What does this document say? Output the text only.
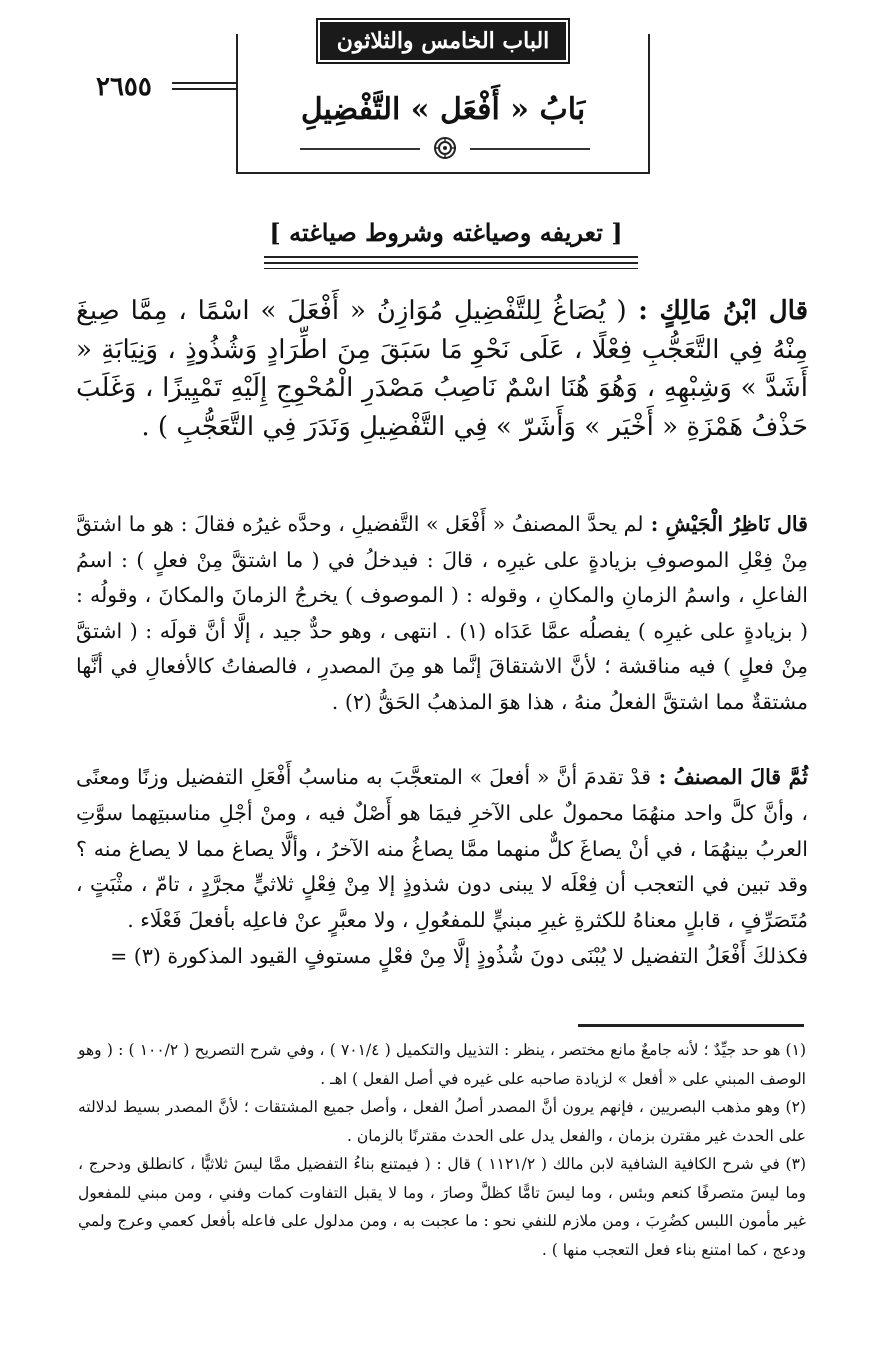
الباب الخامس والثلاثون
٢٦٥٥
بَابُ « أَفْعَل » التَّفْضِيلِ
[ تعريفه وصياغته وشروط صياغته ]
قال ابْنُ مَالِكٍ : ( يُصَاغُ لِلتَّفْضِيلِ مُوَازِنُ « أَفْعَلَ » اسْمًا ، مِمَّا صِيغَ مِنْهُ فِي التَّعَجُّبِ فِعْلًا ، عَلَى نَحْوِ مَا سَبَقَ مِنَ اطِّرَادٍ وَشُذُوذٍ ، وَنِيَابَةِ « أَشَدَّ » وَشِبْهِهِ ، وَهُوَ هُنَا اسْمٌ نَاصِبُ مَصْدَرِ الْمُحْوِجِ إِلَيْهِ تَمْيِيزًا ، وَغَلَبَ حَذْفُ هَمْزَةِ « أَخْيَر » وَأَشَرّ » فِي التَّفْضِيلِ وَنَدَرَ فِي التَّعَجُّبِ ) .
قال نَاظِرُ الْجَيْشِ : لم يحدَّ المصنفُ « أَفْعَل » التَّفضيلِ ، وحدَّه غيرُه فقالَ : هو ما اشتقَّ مِنْ فِعْلِ الموصوفِ بزيادةٍ على غيرِه ، قالَ : فيدخلُ في ( ما اشتقَّ مِنْ فعلٍ ) : اسمُ الفاعلِ ، واسمُ الزمانِ والمكانِ ، وقوله : ( الموصوف ) يخرجُ الزمانَ والمكانَ ، وقولُه : ( بزيادةٍ على غيرِه ) يفصلُه عمَّا عَدَاه (١) . انتهى ، وهو حدٌّ جيد ، إلَّا أنَّ قولَه : ( اشتقَّ مِنْ فعلٍ ) فيه مناقشة ؛ لأنَّ الاشتقاقَ إنَّما هو مِنَ المصدرِ ، فالصفاتُ كالأفعالِ في أنَّها مشتقةٌ مما اشتقَّ الفعلُ منهُ ، هذا هوَ المذهبُ الحَقُّ (٢) .
ثُمَّ قالَ المصنفُ : قدْ تقدمَ أنَّ « أفعلَ » المتعجَّبَ به مناسبُ أَفْعَلِ التفضيل وزنًا ومعنًى ، وأنَّ كلَّ واحد منهُمَا محمولٌ على الآخرِ فيمَا هو أَصْلٌ فيه ، ومنْ أجْلِ مناسبتِهما سوَّتِ العربُ بينهُمَا ، في أنْ يصاغَ كلٌّ منهما ممَّا يصاغُ منه الآخرُ ، وألَّا يصاغ مما لا يصاغ منه ؟ وقد تبين في التعجب أن فِعْلَه لا يبنى دون شذوذٍ إلا مِنْ فِعْلٍ ثلاثيٍّ مجرَّدٍ ، تامّ ، مثْبَتٍ ، مُتَصَرِّفٍ ، قابلٍ معناهُ للكثرةِ غيرِ مبنيٍّ للمفعُولِ ، ولا معبَّرٍ عنْ فاعلِه بأفعلَ فَعْلَاء .
فكذلكَ أَفْعَلُ التفضيل لا يُبْنَى دونَ شُذُوذٍ إلَّا مِنْ فعْلٍ مستوفٍ القيود المذكورة (٣) =

(١) هو حد جيِّدٌ ؛ لأنه جامعٌ مانع مختصر ، ينظر : التذييل والتكميل ( ٧٠١/٤ ) ، وفي شرح التصريح ( ١٠٠/٢ ) : ( وهو الوصف المبني على « أفعل » لزيادة صاحبه على غيره في أصل الفعل ) اهـ .

(٢) وهو مذهب البصريين ، فإنهم يرون أنَّ المصدر أصلُ الفعل ، وأصل جميع المشتقات ؛ لأنَّ المصدر بسيط لدلالته على الحدث غير مقترن بزمان ، والفعل يدل على الحدث مقترنًا بالزمان .

(٣) في شرح الكافية الشافية لابن مالك ( ١١٢١/٢ ) قال : ( فيمتنع بناءُ التفضيل ممَّا ليسَ ثلاثيًّا ، كانطلق ودحرج ، وما ليسَ متصرفًا كنعم وبئس ، وما ليسَ تامًّا كظلَّ وصارَ ، وما لا يقبل التفاوت كمات وفني ، ومن مبني للمفعول غير مأمون اللبس كضُرِبَ ، ومن ملازم للنفي نحو : ما عجبت به ، ومن مدلول على فاعله بأفعل كعمي وعرج ولمي ودعج ، كما امتنع بناء فعل التعجب منها ) .
